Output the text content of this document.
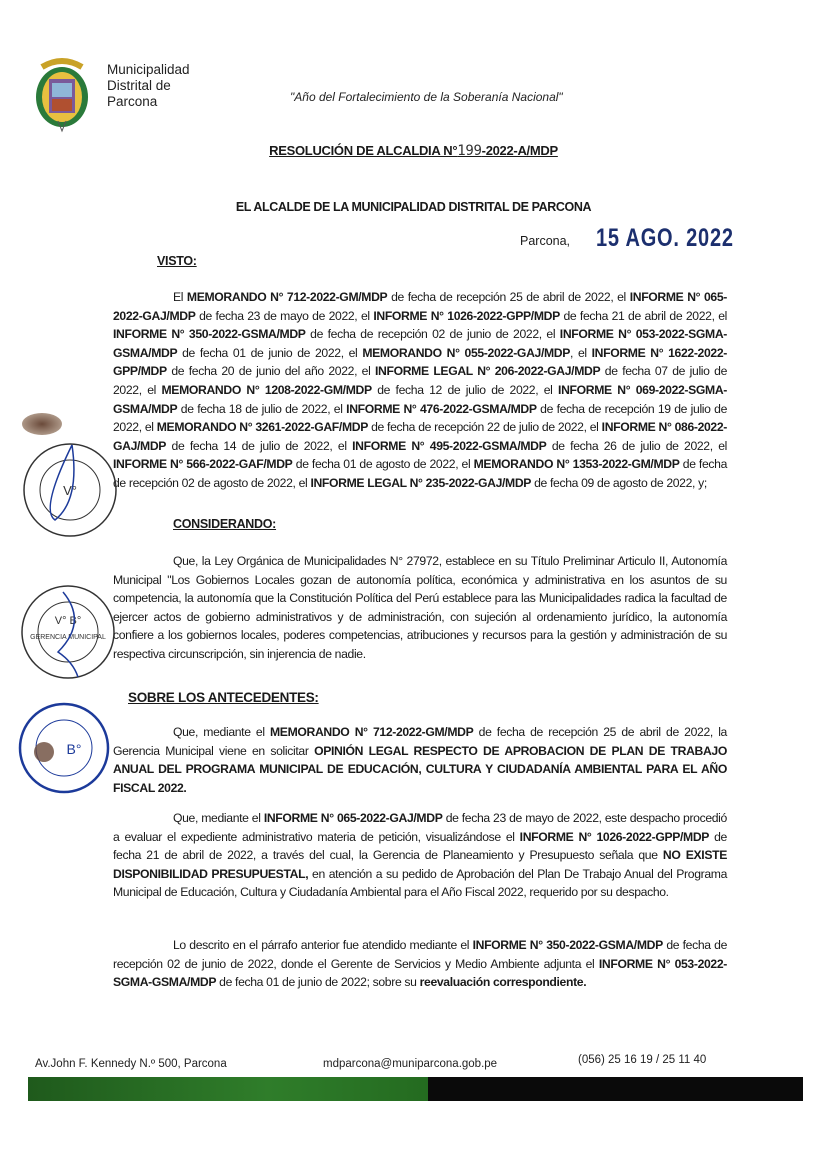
Municipalidad
Distrital de
Parcona	"Año del Fortalecimiento de la Soberanía Nacional"
RESOLUCIÓN DE ALCALDIA N°199-2022-A/MDP
EL ALCALDE DE LA MUNICIPALIDAD DISTRITAL DE PARCONA
Parcona, 15 AGO. 2022
VISTO:
El MEMORANDO N° 712-2022-GM/MDP de fecha de recepción 25 de abril de 2022, el INFORME N° 065-2022-GAJ/MDP de fecha 23 de mayo de 2022, el INFORME N° 1026-2022-GPP/MDP de fecha 21 de abril de 2022, el INFORME N° 350-2022-GSMA/MDP de fecha de recepción 02 de junio de 2022, el INFORME N° 053-2022-SGMA-GSMA/MDP de fecha 01 de junio de 2022, el MEMORANDO N° 055-2022-GAJ/MDP, el INFORME N° 1622-2022-GPP/MDP de fecha 20 de junio del año 2022, el INFORME LEGAL N° 206-2022-GAJ/MDP de fecha 07 de julio de 2022, el MEMORANDO N° 1208-2022-GM/MDP de fecha 12 de julio de 2022, el INFORME N° 069-2022-SGMA-GSMA/MDP de fecha 18 de julio de 2022, el INFORME N° 476-2022-GSMA/MDP de fecha de recepción 19 de julio de 2022, el MEMORANDO N° 3261-2022-GAF/MDP de fecha de recepción 22 de julio de 2022, el INFORME N° 086-2022-GAJ/MDP de fecha 14 de julio de 2022, el INFORME N° 495-2022-GSMA/MDP de fecha 26 de julio de 2022, el INFORME N° 566-2022-GAF/MDP de fecha 01 de agosto de 2022, el MEMORANDO N° 1353-2022-GM/MDP de fecha de recepción 02 de agosto de 2022, el INFORME LEGAL N° 235-2022-GAJ/MDP de fecha 09 de agosto de 2022, y;
CONSIDERANDO:
Que, la Ley Orgánica de Municipalidades N° 27972, establece en su Título Preliminar Articulo II, Autonomía Municipal "Los Gobiernos Locales gozan de autonomía política, económica y administrativa en los asuntos de su competencia, la autonomía que la Constitución Política del Perú establece para las Municipalidades radica la facultad de ejercer actos de gobierno administrativos y de administración, con sujeción al ordenamiento jurídico, la autonomía confiere a los gobiernos locales, poderes competencias, atribuciones y recursos para la gestión y administración de su respectiva circunscripción, sin injerencia de nadie.
SOBRE LOS ANTECEDENTES:
Que, mediante el MEMORANDO N° 712-2022-GM/MDP de fecha de recepción 25 de abril de 2022, la Gerencia Municipal viene en solicitar OPINIÓN LEGAL RESPECTO DE APROBACION DE PLAN DE TRABAJO ANUAL DEL PROGRAMA MUNICIPAL DE EDUCACIÓN, CULTURA Y CIUDADANÍA AMBIENTAL PARA EL AÑO FISCAL 2022.
Que, mediante el INFORME N° 065-2022-GAJ/MDP de fecha 23 de mayo de 2022, este despacho procedió a evaluar el expediente administrativo materia de petición, visualizándose el INFORME N° 1026-2022-GPP/MDP de fecha 21 de abril de 2022, a través del cual, la Gerencia de Planeamiento y Presupuesto señala que NO EXISTE DISPONIBILIDAD PRESUPUESTAL, en atención a su pedido de Aprobación del Plan De Trabajo Anual del Programa Municipal de Educación, Cultura y Ciudadanía Ambiental para el Año Fiscal 2022, requerido por su despacho.
Lo descrito en el párrafo anterior fue atendido mediante el INFORME N° 350-2022-GSMA/MDP de fecha de recepción 02 de junio de 2022, donde el Gerente de Servicios y Medio Ambiente adjunta el INFORME N° 053-2022-SGMA-GSMA/MDP de fecha 01 de junio de 2022; sobre su reevaluación correspondiente.
V°
V° B°
GERENCIA MUNICIPAL
B°
Av.John F. Kennedy N.º 500, Parcona	mdparcona@muniparcona.gob.pe	(056) 25 16 19 / 25 11 40
